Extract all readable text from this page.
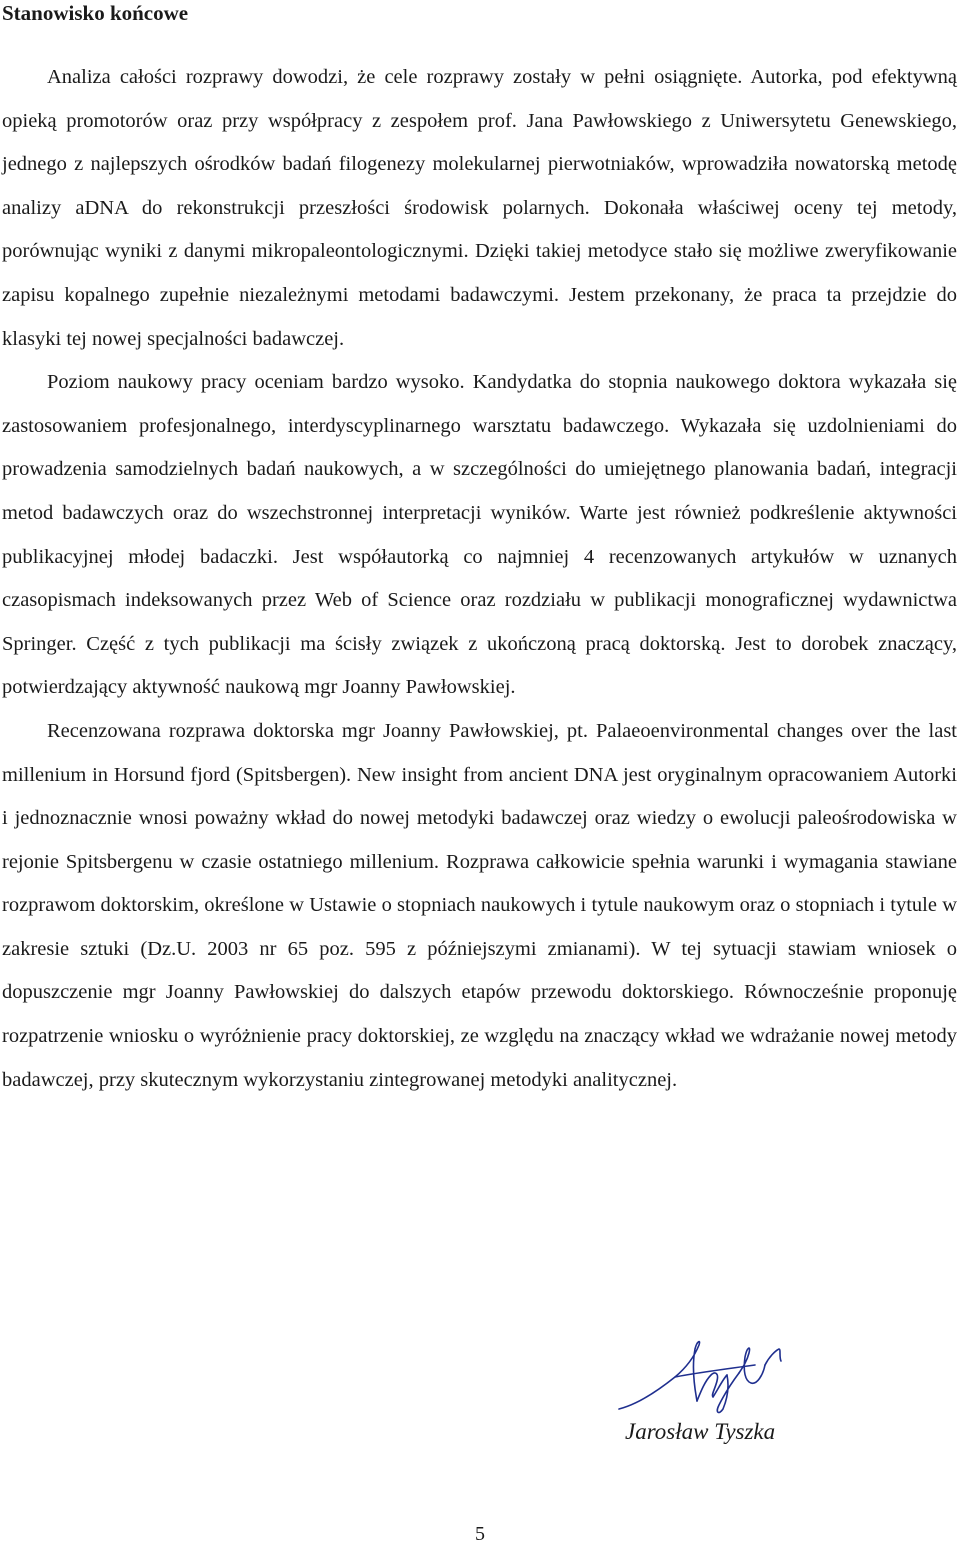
Stanowisko końcowe

Analiza całości rozprawy dowodzi, że cele rozprawy zostały w pełni osiągnięte. Autorka, pod efektywną opieką promotorów oraz przy współpracy z zespołem prof. Jana Pawłowskiego z Uniwersytetu Genewskiego, jednego z najlepszych ośrodków badań filogenezy molekularnej pierwotniaków, wprowadziła nowatorską metodę analizy aDNA do rekonstrukcji przeszłości środowisk polarnych. Dokonała właściwej oceny tej metody, porównując wyniki z danymi mikropaleontologicznymi. Dzięki takiej metodyce stało się możliwe zweryfikowanie zapisu kopalnego zupełnie niezależnymi metodami badawczymi. Jestem przekonany, że praca ta przejdzie do klasyki tej nowej specjalności badawczej.

Poziom naukowy pracy oceniam bardzo wysoko. Kandydatka do stopnia naukowego doktora wykazała się zastosowaniem profesjonalnego, interdyscyplinarnego warsztatu badawczego. Wykazała się uzdolnieniami do prowadzenia samodzielnych badań naukowych, a w szczególności do umiejętnego planowania badań, integracji metod badawczych oraz do wszechstronnej interpretacji wyników. Warte jest również podkreślenie aktywności publikacyjnej młodej badaczki. Jest współautorką co najmniej 4 recenzowanych artykułów w uznanych czasopismach indeksowanych przez Web of Science oraz rozdziału w publikacji monograficznej wydawnictwa Springer. Część z tych publikacji ma ścisły związek z ukończoną pracą doktorską. Jest to dorobek znaczący, potwierdzający aktywność naukową mgr Joanny Pawłowskiej.

Recenzowana rozprawa doktorska mgr Joanny Pawłowskiej, pt. Palaeoenvironmental changes over the last millenium in Horsund fjord (Spitsbergen). New insight from ancient DNA jest oryginalnym opracowaniem Autorki i jednoznacznie wnosi poważny wkład do nowej metodyki badawczej oraz wiedzy o ewolucji paleośrodowiska w rejonie Spitsbergenu w czasie ostatniego millenium. Rozprawa całkowicie spełnia warunki i wymagania stawiane rozprawom doktorskim, określone w Ustawie o stopniach naukowych i tytule naukowym oraz o stopniach i tytule w zakresie sztuki (Dz.U. 2003 nr 65 poz. 595 z późniejszymi zmianami). W tej sytuacji stawiam wniosek o dopuszczenie mgr Joanny Pawłowskiej do dalszych etapów przewodu doktorskiego. Równocześnie proponuję rozpatrzenie wniosku o wyróżnienie pracy doktorskiej, ze względu na znaczący wkład we wdrażanie nowej metody badawczej, przy skutecznym wykorzystaniu zintegrowanej metodyki analitycznej.

Jarosław Tyszka

5
